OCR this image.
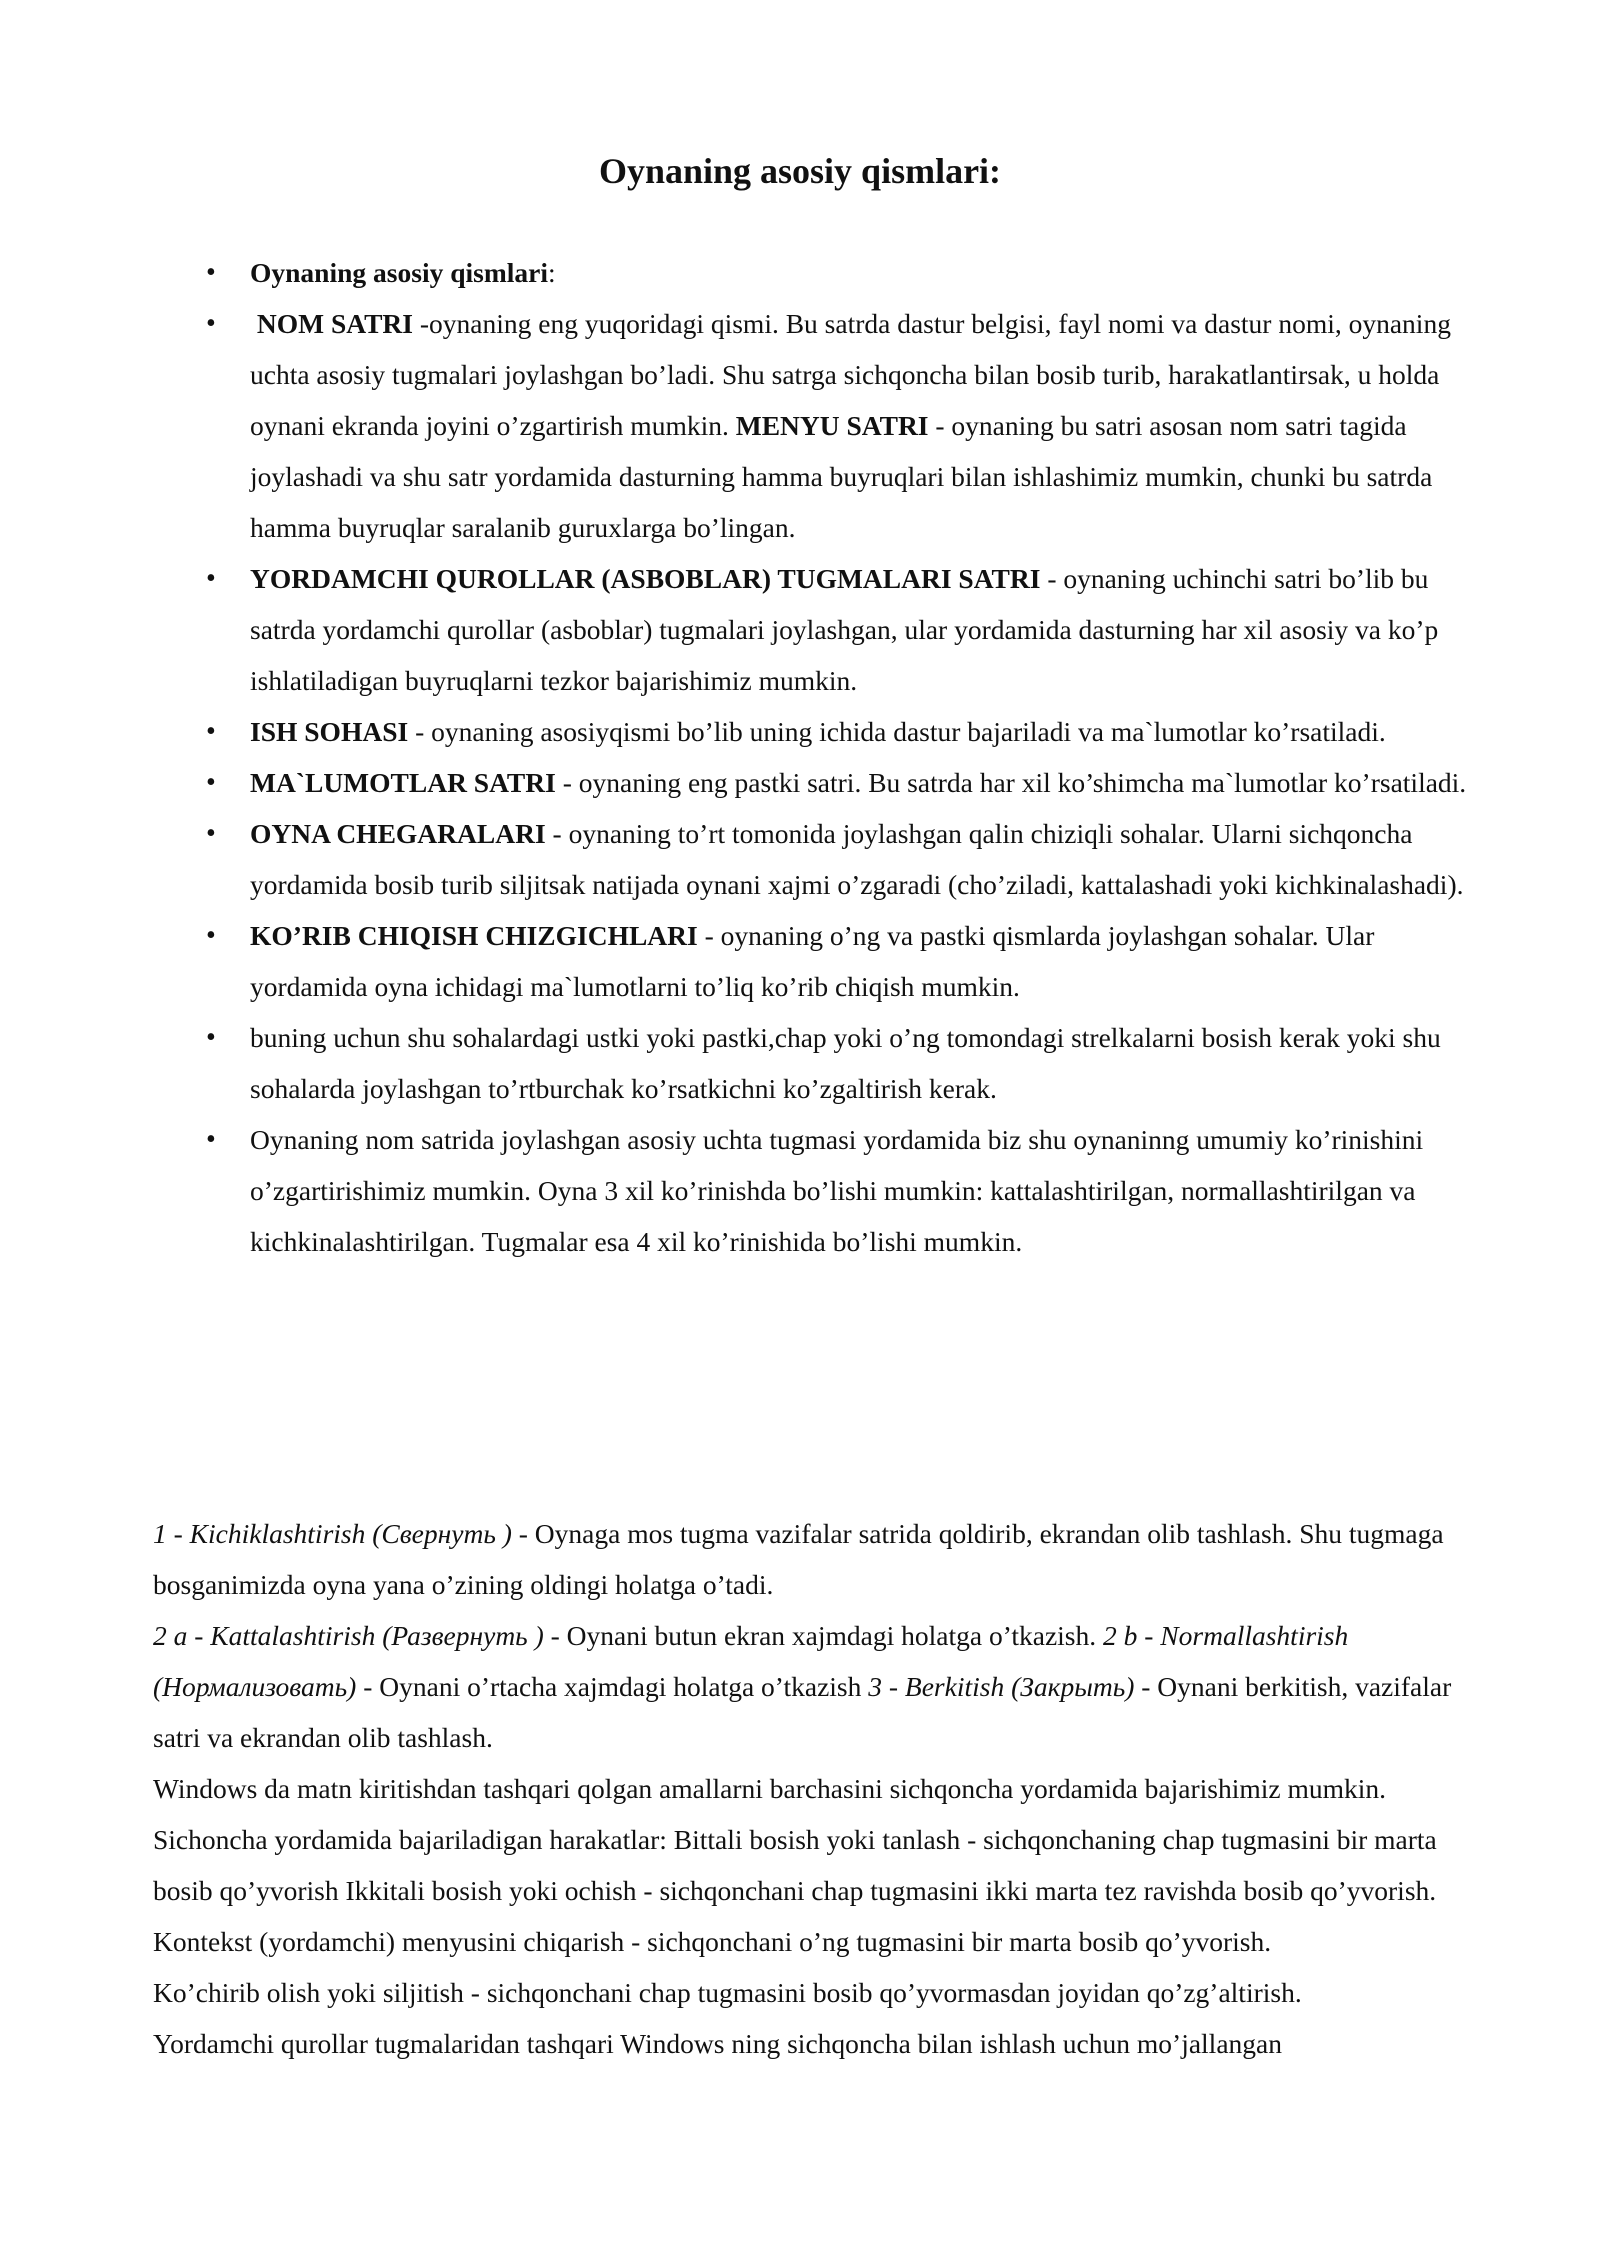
Oynaning asosiy qismlari:
• Oynaning asosiy qismlari:
• NOM SATRI -oynaning eng yuqoridagi qismi. Bu satrda dastur belgisi, fayl nomi va dastur nomi, oynaning uchta asosiy tugmalari joylashgan bo’ladi. Shu satrga sichqoncha bilan bosib turib, harakatlantirsak, u holda oynani ekranda joyini o’zgartirish mumkin. MENYU SATRI - oynaning bu satri asosan nom satri tagida joylashadi va shu satr yordamida dasturning hamma buyruqlari bilan ishlashimiz mumkin, chunki bu satrda hamma buyruqlar saralanib guruxlarga bo’lingan.
• YORDAMCHI QUROLLAR (ASBOBLAR) TUGMALARI SATRI - oynaning uchinchi satri bo’lib bu satrda yordamchi qurollar (asboblar) tugmalari joylashgan, ular yordamida dasturning har xil asosiy va ko’p ishlatiladigan buyruqlarni tezkor bajarishimiz mumkin.
• ISH SOHASI - oynaning asosiyqismi bo’lib uning ichida dastur bajariladi va ma`lumotlar ko’rsatiladi.
• MA`LUMOTLAR SATRI - oynaning eng pastki satri. Bu satrda har xil ko’shimcha ma`lumotlar ko’rsatiladi.
• OYNA CHEGARALARI - oynaning to’rt tomonida joylashgan qalin chiziqli sohalar. Ularni sichqoncha yordamida bosib turib siljitsak natijada oynani xajmi o’zgaradi (cho’ziladi, kattalashadi yoki kichkinalashadi).
• KO’RIB CHIQISH CHIZGICHLARI - oynaning o’ng va pastki qismlarda joylashgan sohalar. Ular yordamida oyna ichidagi ma`lumotlarni to’liq ko’rib chiqish mumkin.
• buning uchun shu sohalardagi ustki yoki pastki,chap yoki o’ng tomondagi strelkalarni bosish kerak yoki shu sohalarda joylashgan to’rtburchak ko’rsatkichni ko’zgaltirish kerak.
• Oynaning nom satrida joylashgan asosiy uchta tugmasi yordamida biz shu oynaninng umumiy ko’rinishini o’zgartirishimiz mumkin. Oyna 3 xil ko’rinishda bo’lishi mumkin: kattalashtirilgan, normallashtirilgan va kichkinalashtirilgan. Tugmalar esa 4 xil ko’rinishida bo’lishi mumkin.

1 - Kichiklashtirish (Свернуть ) - Oynaga mos tugma vazifalar satrida qoldirib, ekrandan olib tashlash. Shu tugmaga bosganimizda oyna yana o’zining oldingi holatga o’tadi.

2 a - Kattalashtirish (Развернуть ) - Oynani butun ekran xajmdagi holatga o’tkazish. 2 b - Normallashtirish (Нормализовать) - Oynani o’rtacha xajmdagi holatga o’tkazish 3 - Berkitish (Закрыть) - Oynani berkitish, vazifalar satri va ekrandan olib tashlash.

Windows da matn kiritishdan tashqari qolgan amallarni barchasini sichqoncha yordamida bajarishimiz mumkin. Sichoncha yordamida bajariladigan harakatlar: Bittali bosish yoki tanlash - sichqonchaning chap tugmasini bir marta bosib qo’yvorish Ikkitali bosish yoki ochish - sichqonchani chap tugmasini ikki marta tez ravishda bosib qo’yvorish.

Kontekst (yordamchi) menyusini chiqarish - sichqonchani o’ng tugmasini bir marta bosib qo’yvorish.

Ko’chirib olish yoki siljitish - sichqonchani chap tugmasini bosib qo’yvormasdan joyidan qo’zg’altirish.

Yordamchi qurollar tugmalaridan tashqari Windows ning sichqoncha bilan ishlash uchun mo’jallangan
